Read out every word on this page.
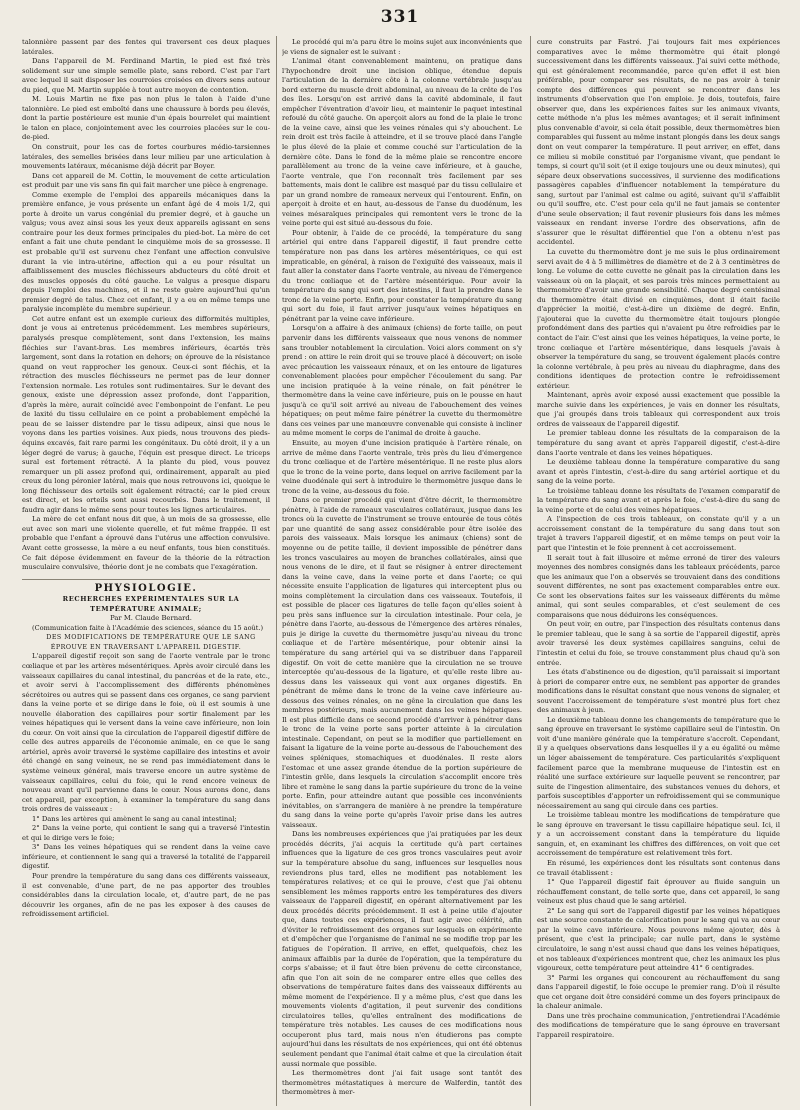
331

talonnière passent par des fentes qui traversent ces deux plaques latérales.

Dans l'appareil de M. Ferdinand Martin, le pied est fixé très solidement sur une simple semelle plate, sans rebord. C'est par l'art avec lequel il sait disposer les courroies croisées en divers sens autour du pied, que M. Martin supplée à tout autre moyen de contention.

M. Louis Martin ne fixe pas non plus le talon à l'aide d'une talonnière. Le pied est emboîté dans une chaussure à bords peu élevés, dont la partie postérieure est munie d'un épais bourrelet qui maintient le talon en place, conjointement avec les courroies placées sur le cou-de-pied.

On construit, pour les cas de fortes courbures médio-tarsiennes latérales, des semelles brisées dans leur milieu par une articulation à mouvements latéraux, mécanisme déjà décrit par Boyer.

Dans cet appareil de M. Cottin, le mouvement de cette articulation est produit par une vis sans fin qui fait marcher une pièce à engrenage.

Comme exemple de l'emploi des appareils mécaniques dans la première enfance, je vous présente un enfant âgé de 4 mois 1/2, qui porte à droite un varus congénial du premier degré, et à gauche un valgus; vous avez ainsi sous les yeux deux appareils agissant en sens contraire pour les deux formes principales du pied-bot. La mère de cet enfant a fait une chute pendant le cinquième mois de sa grossesse. Il est probable qu'il est survenu chez l'enfant une affection convulsive durant la vie intra-utérine, affection qui a eu pour résultat un affaiblissement des muscles fléchisseurs abducteurs du côté droit et des muscles opposés du côté gauche. Le valgus a presque disparu depuis l'emploi des machines, et il ne reste guère aujourd'hui qu'un premier degré de talus. Chez cet enfant, il y a eu en même temps une paralysie incomplète du membre supérieur.

Cet autre enfant est un exemple curieux des difformités multiples, dont je vous ai entretenus précédemment. Les membres supérieurs, paralysés presque complètement, sont dans l'extension, les mains fléchies sur l'avant-bras. Les membres inférieurs, écartés très largement, sont dans la rotation en dehors; on éprouve de la résistance quand on veut rapprocher les genoux. Ceux-ci sont fléchis, et la rétraction des muscles fléchisseurs ne permet pas de leur donner l'extension normale. Les rotules sont rudimentaires. Sur le devant des genoux, existe une dépression assez profonde, dont l'apparition, d'après la mère, aurait coïncidé avec l'embonpoint de l'enfant. Le peu de laxité du tissu cellulaire en ce point a probablement empêché la peau de se laisser distendre par le tissu adipeux, ainsi que nous le voyons dans les parties voisines. Aux pieds, nous trouvons des pieds-équins excavés, fait rare parmi les congénitaux. Du côté droit, il y a un léger degré de varus; à gauche, l'équin est presque direct. Le triceps sural est fortement rétracté. A la plante du pied, vous pouvez remarquer un pli assez profond qui, ordinairement, apparaît au pied creux du long péronier latéral, mais que nous retrouvons ici, quoique le long fléchisseur des orteils soit également rétracté; car le pied creux est direct, et les orteils sont aussi recourbés. Dans le traitement, il faudra agir dans le même sens pour toutes les lignes articulaires.

La mère de cet enfant nous dit que, à un mois de sa grossesse, elle eut avec son mari une violente querelle, et fut même frappée. Il est probable que l'enfant a éprouvé dans l'utérus une affection convulsive. Avant cette grossesse, la mère a eu neuf enfants, tous bien constitués. Ce fait dépose évidemment en faveur de la théorie de la rétraction musculaire convulsive, théorie dont je ne combats que l'exagération.

PHYSIOLOGIE.

RECHERCHES EXPÉRIMENTALES SUR LA TEMPÉRATURE ANIMALE;

Par M. Claude Bernard.

(Communication faite à l'Académie des sciences, séance du 15 août.)

DES MODIFICATIONS DE TEMPÉRATURE QUE LE SANG ÉPROUVE EN TRAVERSANT L'APPAREIL DIGESTIF.

L'appareil digestif reçoit son sang de l'aorte ventrale par le tronc cœliaque et par les artères mésentériques. Après avoir circulé dans les vaisseaux capillaires du canal intestinal, du pancréas et de la rate, etc., et avoir servi à l'accomplissement des différents phénomènes sécrétoires ou autres qui se passent dans ces organes, ce sang parvient dans la veine porte et se dirige dans le foie, où il est soumis à une nouvelle élaboration des capillaires pour sortir finalement par les veines hépatiques qui le versent dans la veine cave inférieure, non loin du cœur. On voit ainsi que la circulation de l'appareil digestif diffère de celle des autres appareils de l'économie animale, en ce que le sang artériel, après avoir traversé le système capillaire des intestins et avoir été changé en sang veineux, ne se rend pas immédiatement dans le système veineux général, mais traverse encore un autre système de vaisseaux capillaires, celui du foie, qui le rend encore veineux de nouveau avant qu'il parvienne dans le cœur. Nous aurons donc, dans cet appareil, par exception, à examiner la température du sang dans trois ordres de vaisseaux :

1° Dans les artères qui amènent le sang au canal intestinal;

2° Dans la veine porte, qui contient le sang qui a traversé l'intestin et qui le dirige vers le foie;

3° Dans les veines hépatiques qui se rendent dans la veine cave inférieure, et contiennent le sang qui a traversé la totalité de l'appareil digestif.

Pour prendre la température du sang dans ces différents vaisseaux, il est convenable, d'une part, de ne pas apporter des troubles considérables dans la circulation locale, et, d'autre part, de ne pas découvrir les organes, afin de ne pas les exposer à des causes de refroidissement artificiel.

Le procédé qui m'a paru être le moins sujet aux inconvénients que je viens de signaler est le suivant :

L'animal étant convenablement maintenu, on pratique dans l'hypochondre droit une incision oblique, étendue depuis l'articulation de la dernière côte à la colonne vertébrale jusqu'au bord externe du muscle droit abdominal, au niveau de la crête de l'os des îles. Lorsqu'on est arrivé dans la cavité abdominale, il faut empêcher l'éventration d'avoir lieu, et maintenir le paquet intestinal refoulé du côté gauche. On aperçoit alors au fond de la plaie le tronc de la veine cave, ainsi que les veines rénales qui s'y abouchent. Le rein droit est très facile à atteindre, et il se trouve placé dans l'angle le plus élevé de la plaie et comme couché sur l'articulation de la dernière côte. Dans le fond de la même plaie se rencontre encore parallèlement au tronc de la veine cave inférieure, et à gauche, l'aorte ventrale, que l'on reconnaît très facilement par ses battements, mais dont le calibre est masqué par du tissu cellulaire et par un grand nombre de rameaux nerveux qui l'entourent. Enfin, on aperçoit à droite et en haut, au-dessous de l'anse du duodénum, les veines mésaraïques principales qui remontent vers le tronc de la veine porte qui est situé au-dessous du foie.

Pour obtenir, à l'aide de ce procédé, la température du sang artériel qui entre dans l'appareil digestif, il faut prendre cette température non pas dans les artères mésentériques, ce qui est impraticable, en général, à raison de l'exiguïté des vaisseaux, mais il faut aller la constater dans l'aorte ventrale, au niveau de l'émergence du tronc cœliaque et de l'artère mésentérique. Pour avoir la température du sang qui sort des intestins, il faut la prendre dans le tronc de la veine porte. Enfin, pour constater la température du sang qui sort du foie, il faut arriver jusqu'aux veines hépatiques en pénétrant par la veine cave inférieure.

Lorsqu'on a affaire à des animaux (chiens) de forte taille, on peut parvenir dans les différents vaisseaux que nous venons de nommer sans troubler notablement la circulation. Voici alors comment on s'y prend : on attire le rein droit qui se trouve placé à découvert; on isole avec précaution les vaisseaux rénaux, et on les entoure de ligatures convenablement placées pour empêcher l'écoulement du sang. Par une incision pratiquée à la veine rénale, on fait pénétrer le thermomètre dans la veine cave inférieure, puis on le pousse en haut jusqu'à ce qu'il soit arrivé au niveau de l'abouchement des veines hépatiques; on peut même faire pénétrer la cuvette du thermomètre dans ces veines par une manœuvre convenable qui consiste à incliner au même moment le corps de l'animal de droite à gauche.

Ensuite, au moyen d'une incision pratiquée à l'artère rénale, on arrive de même dans l'aorte ventrale, très près du lieu d'émergence du tronc cœliaque et de l'artère mésentérique. Il ne reste plus alors que le tronc de la veine porte, dans lequel on arrive facilement par la veine duodénale qui sert à introduire le thermomètre jusque dans le tronc de la veine, au-dessous du foie.

Dans ce premier procédé qui vient d'être décrit, le thermomètre pénètre, à l'aide de rameaux vasculaires collatéraux, jusque dans les troncs où la cuvette de l'instrument se trouve entourée de tous côtés par une quantité de sang assez considérable pour être isolée des parois des vaisseaux. Mais lorsque les animaux (chiens) sont de moyenne ou de petite taille, il devient impossible de pénétrer dans les troncs vasculaires au moyen de branches collatérales, ainsi que nous venons de le dire, et il faut se résigner à entrer directement dans la veine cave, dans la veine porte et dans l'aorte; ce qui nécessite ensuite l'application de ligatures qui interceptent plus ou moins complètement la circulation dans ces vaisseaux. Toutefois, il est possible de placer ces ligatures de telle façon qu'elles soient à peu près sans influence sur la circulation intestinale. Pour cela, je pénètre dans l'aorte, au-dessous de l'émergence des artères rénales, puis je dirige la cuvette du thermomètre jusqu'au niveau du tronc cœliaque et de l'artère mésentérique, pour obtenir ainsi la température du sang artériel qui va se distribuer dans l'appareil digestif. On voit de cette manière que la circulation ne se trouve interceptée qu'au-dessous de la ligature, et qu'elle reste libre au-dessus dans les vaisseaux qui vont aux organes digestifs. En pénétrant de même dans le tronc de la veine cave inférieure au-dessous des veines rénales, on ne gêne la circulation que dans les membres postérieurs, mais aucunement dans les veines hépatiques. Il est plus difficile dans ce second procédé d'arriver à pénétrer dans le tronc de la veine porte sans porter atteinte à la circulation intestinale. Cependant, on peut se la modifier que partiellement en faisant la ligature de la veine porte au-dessous de l'abouchement des veines spléniques, stomachiques et duodénales. Il reste alors l'estomac et une assez grande étendue de la portion supérieure de l'intestin grêle, dans lesquels la circulation s'accomplit encore très libre et ramène le sang dans la partie supérieure du tronc de la veine porte. Enfin, pour atteindre autant que possible ces inconvénients inévitables, on s'arrangera de manière à ne prendre la température du sang dans la veine porte qu'après l'avoir prise dans les autres vaisseaux.

Dans les nombreuses expériences que j'ai pratiquées par les deux procédés décrits, j'ai acquis la certitude qu'à part certaines influences que la ligature de ces gros troncs vasculaires peut avoir sur la température absolue du sang, influences sur lesquelles nous reviendrons plus tard, elles ne modifient pas notablement les températures relatives; et ce qui le prouve, c'est que j'ai obtenu sensiblement les mêmes rapports entre les températures des divers vaisseaux de l'appareil digestif, en opérant alternativement par les deux procédés décrits précédemment. Il est à peine utile d'ajouter que, dans toutes ces expériences, il faut agir avec célérité, afin d'éviter le refroidissement des organes sur lesquels on expérimente et d'empêcher que l'organisme de l'animal ne se modifie trop par les fatigues de l'opération. Il arrive, en effet, quelquefois, chez les animaux affaiblis par la durée de l'opération, que la température du corps s'abaisse; et il faut être bien prévenu de cette circonstance, afin que l'on ait soin de ne comparer entre elles que celles des observations de température faites dans des vaisseaux différents au même moment de l'expérience. Il y a même plus, c'est que dans les mouvements violents d'agitation, il peut survenir des conditions circulatoires telles, qu'elles entraînent des modifications de température très notables. Les causes de ces modifications nous occuperont plus tard, mais nous n'en étudierons pas compte aujourd'hui dans les résultats de nos expériences, qui ont été obtenus seulement pendant que l'animal était calme et que la circulation était aussi normale que possible.

Les thermomètres dont j'ai fait usage sont tantôt des thermomètres métastatiques à mercure de Walferdin, tantôt des thermomètres à mer-

cure construits par Fastré. J'ai toujours fait mes expériences comparatives avec le même thermomètre qui était plongé successivement dans les différents vaisseaux. J'ai suivi cette méthode, qui est généralement recommandée, parce qu'en effet il est bien préférable, pour comparer ses résultats, de ne pas avoir à tenir compte des différences qui peuvent se rencontrer dans les instruments d'observation que l'on emploie. Je dois, toutefois, faire observer que, dans les expériences faites sur les animaux vivants, cette méthode n'a plus les mêmes avantages; et il serait infiniment plus convenable d'avoir, si cela était possible, deux thermomètres bien comparables qui fussent au même instant plongés dans les deux sangs dont on veut comparer la température. Il peut arriver, en effet, dans ce milieu si mobile constitué par l'organisme vivant, que pendant le temps, si court qu'il soit (et il exige toujours une ou deux minutes), qui sépare deux observations successives, il survienne des modifications passagères capables d'influencer notablement la température du sang, surtout par l'animal est calme ou agité, suivant qu'il s'affaiblit ou qu'il souffre, etc. C'est pour cela qu'il ne faut jamais se contenter d'une seule observation; il faut revenir plusieurs fois dans les mêmes vaisseaux en rendant inverse l'ordre des observations, afin de s'assurer que le résultat différentiel que l'on a obtenu n'est pas accidentel.

La cuvette du thermomètre dont je me suis le plus ordinairement servi avait de 4 à 5 millimètres de diamètre et de 2 à 3 centimètres de long. Le volume de cette cuvette ne gênait pas la circulation dans les vaisseaux où on la plaçait, et ses parois très minces permettaient au thermomètre d'avoir une grande sensibilité. Chaque degré centésimal du thermomètre était divisé en cinquièmes, dont il était facile d'apprécier la moitié, c'est-à-dire un dixième de degré. Enfin, j'ajouterai que la cuvette du thermomètre était toujours plongée profondément dans des parties qui n'avaient pu être refroidies par le contact de l'air. C'est ainsi que les veines hépatiques, la veine porte, le tronc cœliaque et l'artère mésentérique, dans lesquels j'avais à observer la température du sang, se trouvent également placés contre la colonne vertébrale, à peu près au niveau du diaphragme, dans des conditions identiques de protection contre le refroidissement extérieur.

Maintenant, après avoir exposé aussi exactement que possible la marche suivie dans les expériences, je vais en donner les résultats, que j'ai groupés dans trois tableaux qui correspondent aux trois ordres de vaisseaux de l'appareil digestif.

Le premier tableau donne les résultats de la comparaison de la température du sang avant et après l'appareil digestif, c'est-à-dire dans l'aorte ventrale et dans les veines hépatiques.

Le deuxième tableau donne la température comparative du sang avant et après l'intestin, c'est-à-dire du sang artériel aortique et du sang de la veine porte.

Le troisième tableau donne les résultats de l'examen comparatif de la température du sang avant et après le foie, c'est-à-dire du sang de la veine porte et de celui des veines hépatiques.

A l'inspection de ces trois tableaux, on constate qu'il y a un accroissement constant de la température du sang dans tout son trajet à travers l'appareil digestif, et en même temps on peut voir la part que l'intestin et le foie prennent à cet accroissement.

Il serait tout à fait illusoire et même erroné de tirer des valeurs moyennes des nombres consignés dans les tableaux précédents, parce que les animaux que l'on a observés se trouvaient dans des conditions souvent différentes, ne sont pas exactement comparables entre eux. Ce sont les observations faites sur les vaisseaux différents du même animal, qui sont seules comparables, et c'est seulement de ces comparaisons que nous déduirons les conséquences.

On peut voir, en outre, par l'inspection des résultats contenus dans le premier tableau, que le sang à sa sortie de l'appareil digestif, après avoir traversé les deux systèmes capillaires sanguins, celui de l'intestin et celui du foie, se trouve constamment plus chaud qu'à son entrée.

Les états d'abstinence ou de digestion, qu'il paraissait si important à priori de comparer entre eux, ne semblent pas apporter de grandes modifications dans le résultat constant que nous venons de signaler, et souvent l'accroissement de température s'est montré plus fort chez des animaux à jeun.

Le deuxième tableau donne les changements de température que le sang éprouve en traversant le système capillaire seul de l'intestin. On voit d'une manière générale que la température s'accroît. Cependant, il y a quelques observations dans lesquelles il y a eu égalité ou même un léger abaissement de température. Ces particularités s'expliquent facilement parce que la membrane muqueuse de l'intestin est en réalité une surface extérieure sur laquelle peuvent se rencontrer, par suite de l'ingestion alimentaire, des substances venues du dehors, et parfois susceptibles d'apporter un refroidissement qui se communique nécessairement au sang qui circule dans ces parties.

Le troisième tableau montre les modifications de température que le sang éprouve en traversant le tissu capillaire hépatique seul. Ici, il y a un accroissement constant dans la température du liquide sanguin, et, en examinant les chiffres des différences, on voit que cet accroissement de température est relativement très fort.

En résumé, les expériences dont les résultats sont contenus dans ce travail établissent :

1° Que l'appareil digestif fait éprouver au fluide sanguin un réchauffement constant, de telle sorte que, dans cet appareil, le sang veineux est plus chaud que le sang artériel.

2° Le sang qui sort de l'appareil digestif par les veines hépatiques est une source constante de calorification pour le sang qui va au cœur par la veine cave inférieure. Nous pouvons même ajouter, dès à présent, que c'est la principale; car nulle part, dans le système circulatoire, le sang n'est aussi chaud que dans les veines hépatiques, et nos tableaux d'expériences montrent que, chez les animaux les plus vigoureux, cette température peut atteindre 41° 6 centigrades.

3° Parmi les organes qui concourent au réchauffement du sang dans l'appareil digestif, le foie occupe le premier rang. D'où il résulte que cet organe doit être considéré comme un des foyers principaux de la chaleur animale.

Dans une très prochaine communication, j'entretiendrai l'Académie des modifications de température que le sang éprouve en traversant l'appareil respiratoire.
